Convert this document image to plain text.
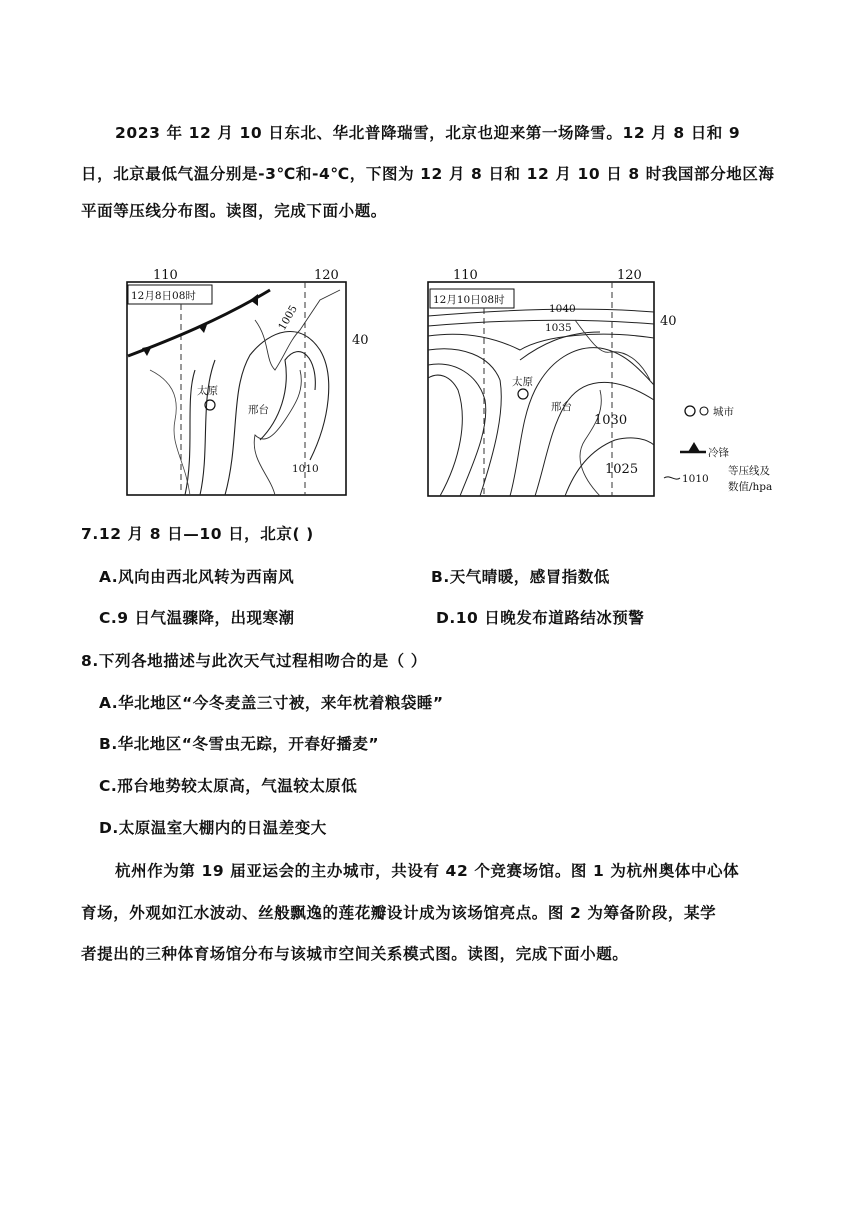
2023 年 12 月 10 日东北、华北普降瑞雪，北京也迎来第一场降雪。12 月 8 日和 9
日，北京最低气温分别是-3℃和-4℃，下图为 12 月 8 日和 12 月 10 日 8 时我国部分地区海
平面等压线分布图。读图，完成下面小题。
110	120
40
12月8日08时
1005
1010
太原
邢台
110	120
40
12月10日08时
1040
1035
1030
1025
太原
邢台	城市
冷锋
1010
等压线及
数值/hpa
7.12 月 8 日—10 日，北京( )
A.风向由西北风转为西南风	B.天气晴暖，感冒指数低
C.9 日气温骤降，出现寒潮	D.10 日晚发布道路结冰预警
8.下列各地描述与此次天气过程相吻合的是（ ）
A.华北地区“今冬麦盖三寸被，来年枕着粮袋睡”
B.华北地区“冬雪虫无踪，开春好播麦”
C.邢台地势较太原高，气温较太原低
D.太原温室大棚内的日温差变大
杭州作为第 19 届亚运会的主办城市，共设有 42 个竞赛场馆。图 1 为杭州奥体中心体
育场，外观如江水波动、丝般飘逸的莲花瓣设计成为该场馆亮点。图 2 为筹备阶段，某学
者提出的三种体育场馆分布与该城市空间关系模式图。读图，完成下面小题。
